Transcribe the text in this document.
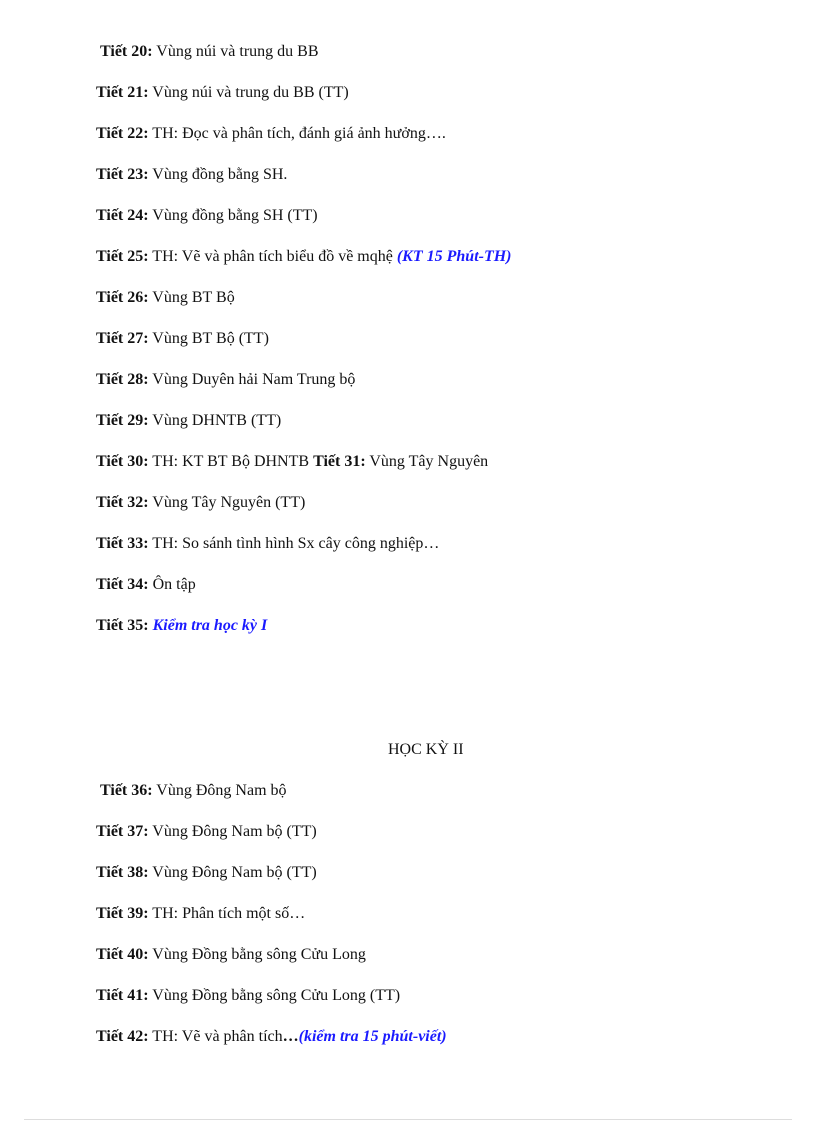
Tiết 20: Vùng núi và trung du BB
Tiết 21: Vùng núi và trung du BB (TT)
Tiết 22: TH: Đọc và phân tích, đánh giá ảnh hưởng….
Tiết 23: Vùng đồng bằng SH.
Tiết 24: Vùng đồng bằng SH (TT)
Tiết 25: TH: Vẽ và phân tích biểu đồ về mqhệ (KT 15 Phút-TH)
Tiết 26: Vùng BT Bộ
Tiết 27: Vùng BT Bộ (TT)
Tiết 28: Vùng Duyên hải Nam Trung bộ
Tiết 29: Vùng DHNTB (TT)
Tiết 30: TH: KT BT Bộ DHNTB Tiết 31: Vùng Tây Nguyên
Tiết 32: Vùng Tây Nguyên (TT)
Tiết 33: TH: So sánh tình hình Sx cây công nghiệp…
Tiết 34: Ôn tập
Tiết 35: Kiểm tra học kỳ I
HỌC KỲ II
Tiết 36: Vùng Đông Nam bộ
Tiết 37: Vùng Đông Nam bộ (TT)
Tiết 38: Vùng Đông Nam bộ (TT)
Tiết 39: TH: Phân tích một số…
Tiết 40: Vùng Đồng bằng sông Cửu Long
Tiết 41: Vùng Đồng bằng sông Cửu Long (TT)
Tiết 42: TH: Vẽ và phân tích…(kiểm tra 15 phút-viết)
